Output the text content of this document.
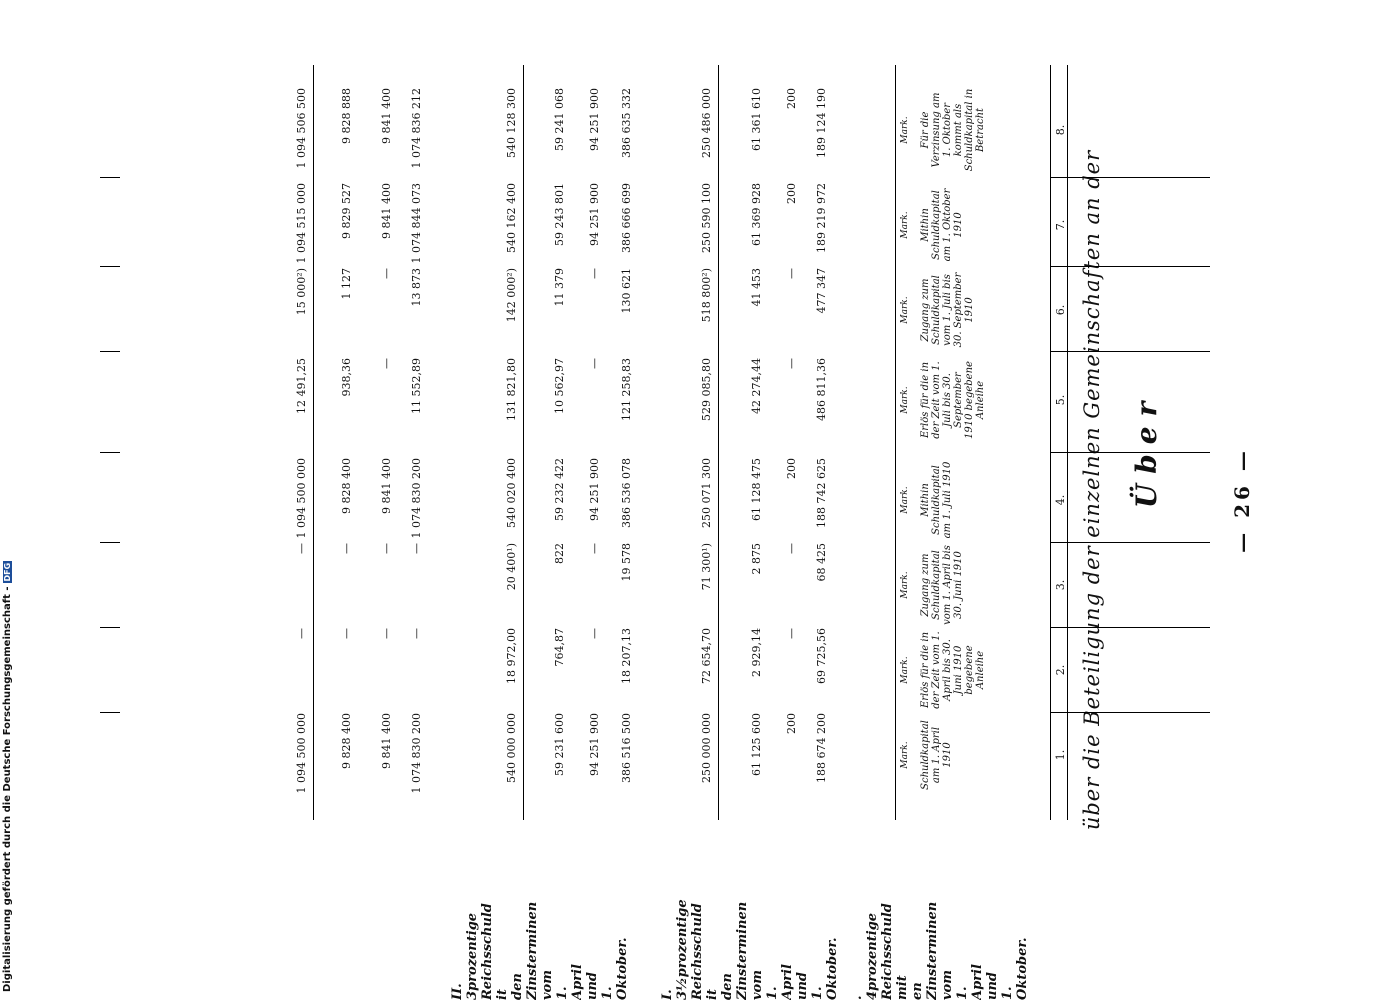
— 26 —
Über
über die Beteiligung der einzelnen Gemeinschaften an der
1.
2.
3.
4.
5.
6.
7.
8.
Schuldkapital am 1. April 1910
Mark.
Erlös für die in der Zeit vom 1. April bis 30. Juni 1910 begebene Anleihe
Mark.
Zugang zum Schuldkapital vom 1. April bis 30. Juni 1910
Mark.
Mithin Schuldkapital am 1. Juli 1910
Mark.
Erlös für die in der Zeit vom 1. Juli bis 30. September 1910 begebene Anleihe
Mark.
Zugang zum Schuldkapital vom 1. Juli bis 30. September 1910
Mark.
Mithin Schuldkapital am 1. Oktober 1910
Mark.
Für die Verzinsung am 1. Oktober kommt als Schuldkapital in Betracht
Mark.
. 4prozentige Reichsschuld mit en Zinsterminen vom 1. April und 1. Oktober.
188 674 200
69 725,56
68 425
188 742 625
486 811,36
477 347
189 219 972
189 124 190
200
—
—
200
—
—
200
200
61 125 600
2 929,14
2 875
61 128 475
42 274,44
41 453
61 369 928
61 361 610
250 000 000
72 654,70
71 300¹)
250 071 300
529 085,80
518 800²)
250 590 100
250 486 000
I. 3½prozentige Reichsschuld it den Zinsterminen vom 1. April und 1. Oktober.
386 516 500
18 207,13
19 578
386 536 078
121 258,83
130 621
386 666 699
386 635 332
94 251 900
—
—
94 251 900
—
—
94 251 900
94 251 900
59 231 600
764,87
822
59 232 422
10 562,97
11 379
59 243 801
59 241 068
540 000 000
18 972,00
20 400¹)
540 020 400
131 821,80
142 000²)
540 162 400
540 128 300
II. 3prozentige Reichsschuld it den Zinsterminen vom 1. April und 1. Oktober.
1 074 830 200
—
—
1 074 830 200
11 552,89
13 873
1 074 844 073
1 074 836 212
9 841 400
—
—
9 841 400
—
—
9 841 400
9 841 400
9 828 400
—
—
9 828 400
938,36
1 127
9 829 527
9 828 888
1 094 500 000
—
—
1 094 500 000
12 491,25
15 000²)
1 094 515 000
1 094 506 500
Digitalisierung gefördert durch die Deutsche Forschungsgemeinschaft -DFG
